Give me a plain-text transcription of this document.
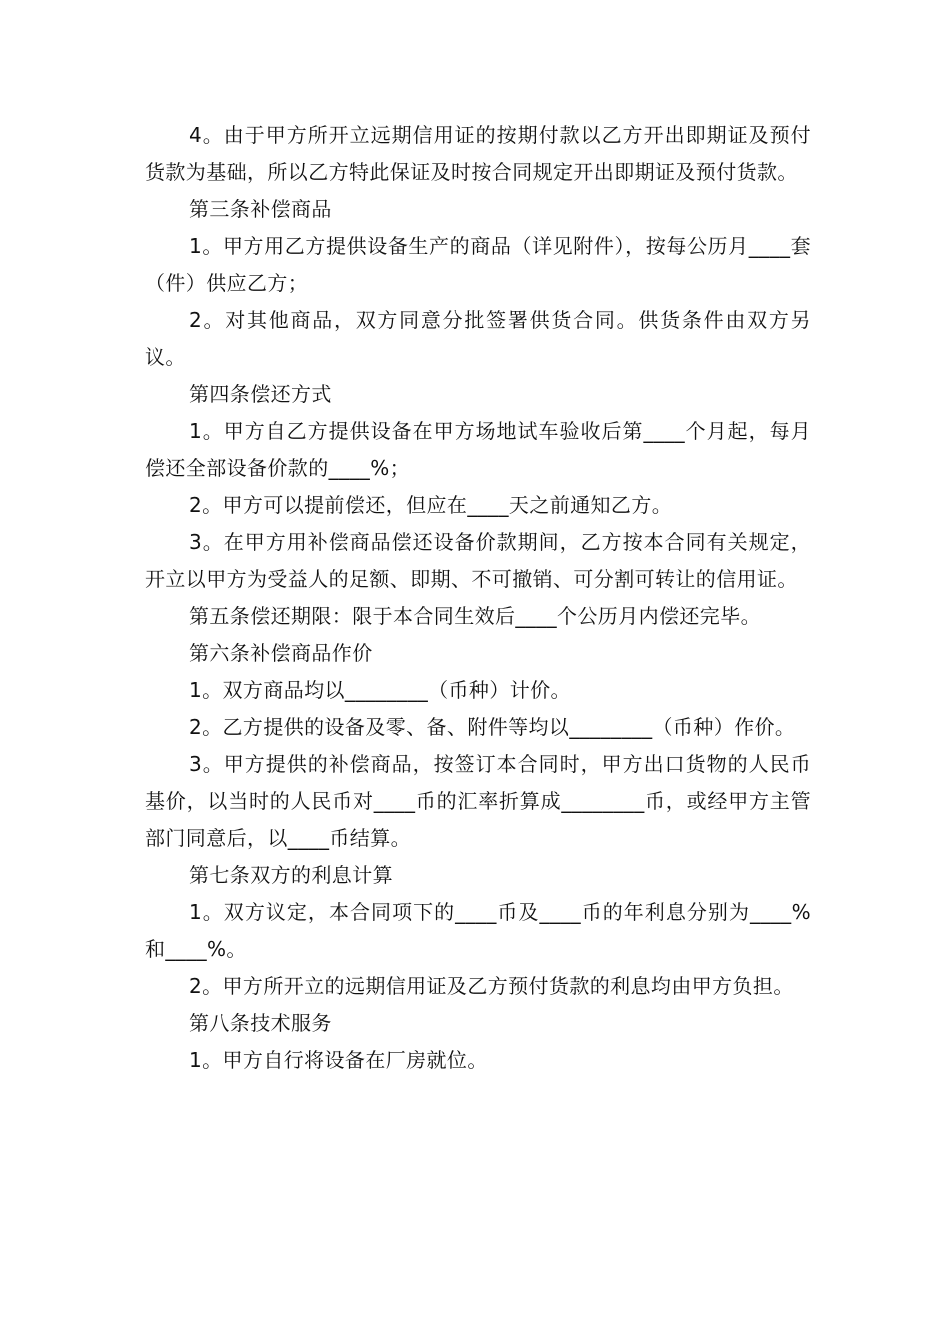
4。由于甲方所开立远期信用证的按期付款以乙方开出即期证及预付货款为基础，所以乙方特此保证及时按合同规定开出即期证及预付货款。

第三条补偿商品

1。甲方用乙方提供设备生产的商品（详见附件），按每公历月____套（件）供应乙方；

2。对其他商品，双方同意分批签署供货合同。供货条件由双方另议。

第四条偿还方式

1。甲方自乙方提供设备在甲方场地试车验收后第____个月起，每月偿还全部设备价款的____%；

2。甲方可以提前偿还，但应在____天之前通知乙方。

3。在甲方用补偿商品偿还设备价款期间，乙方按本合同有关规定，开立以甲方为受益人的足额、即期、不可撤销、可分割可转让的信用证。

第五条偿还期限：限于本合同生效后____个公历月内偿还完毕。

第六条补偿商品作价

1。双方商品均以________（币种）计价。

2。乙方提供的设备及零、备、附件等均以________（币种）作价。

3。甲方提供的补偿商品，按签订本合同时，甲方出口货物的人民币基价，以当时的人民币对____币的汇率折算成________币，或经甲方主管部门同意后，以____币结算。

第七条双方的利息计算

1。双方议定，本合同项下的____币及____币的年利息分别为____%和____%。

2。甲方所开立的远期信用证及乙方预付货款的利息均由甲方负担。

第八条技术服务

1。甲方自行将设备在厂房就位。
